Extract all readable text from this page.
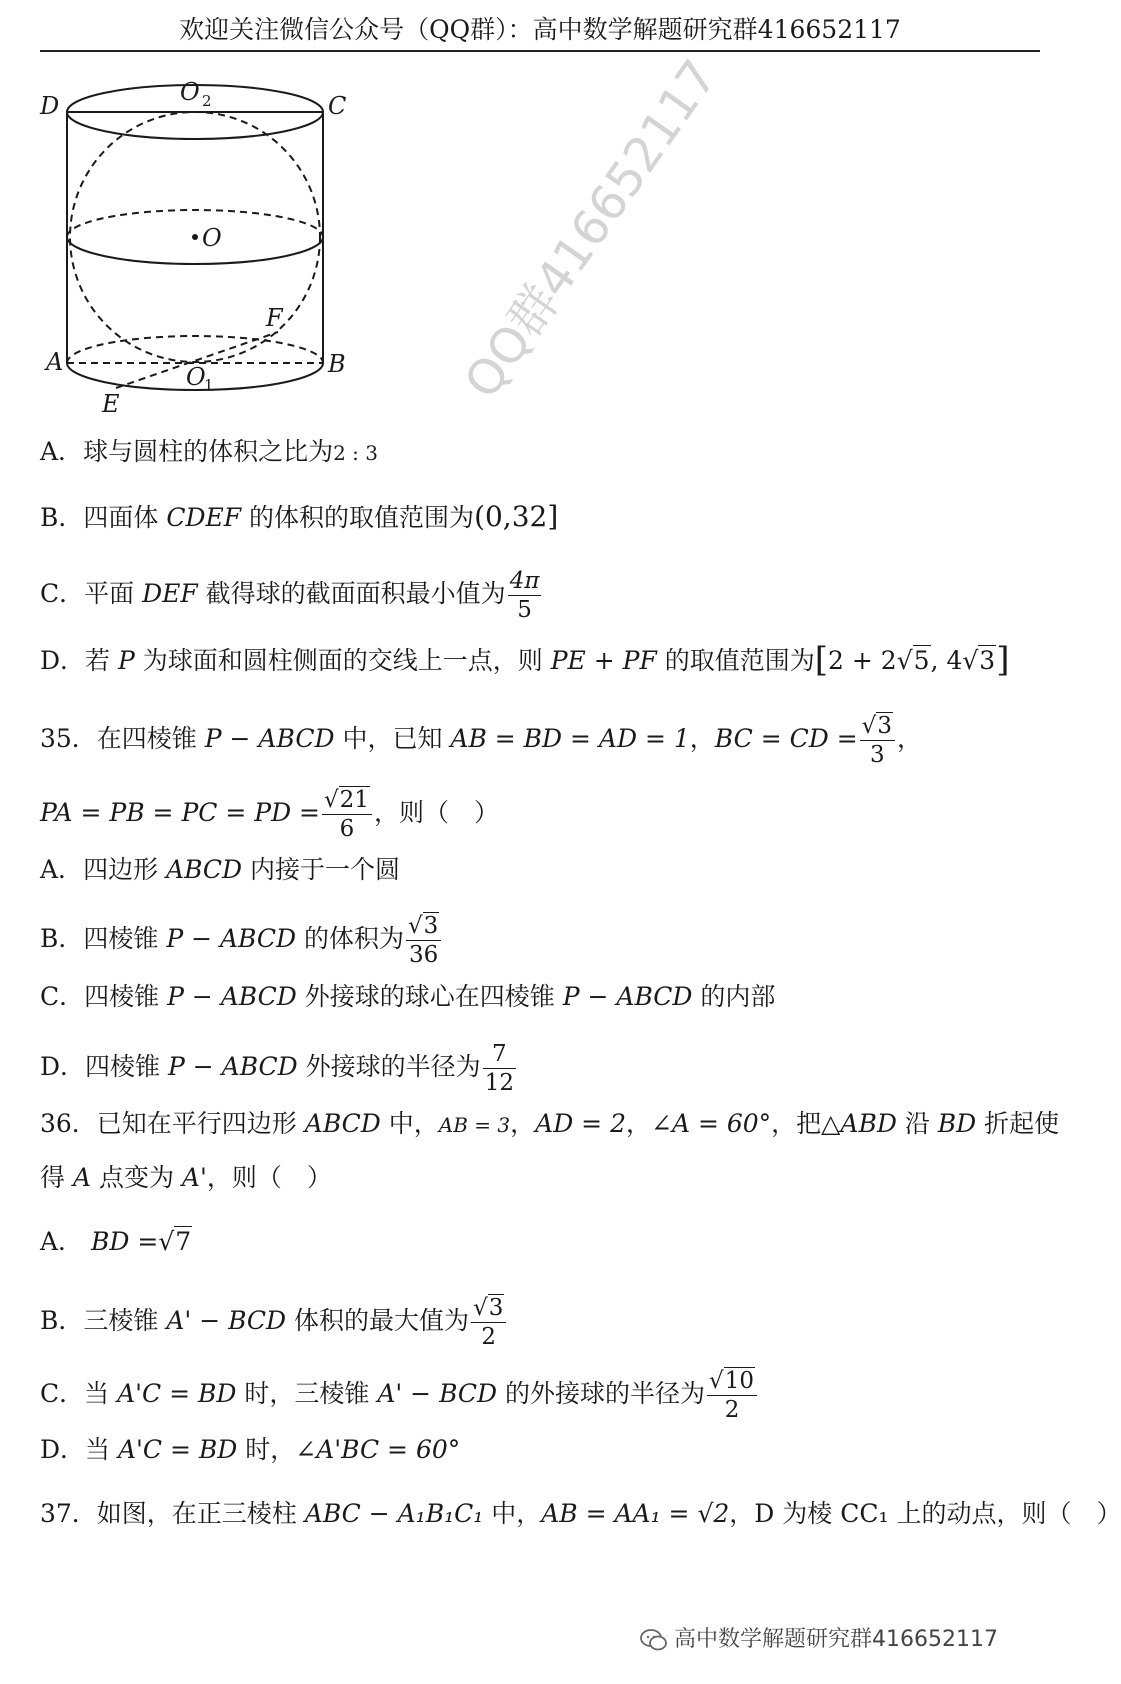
欢迎关注微信公众号（QQ群）：高中数学解题研究群416652117
D	C
O 2
O
F
A	B
O
1
E	QQ群416652117
A．球与圆柱的体积之比为2 : 3
B．四面体 CDEF 的体积的取值范围为(0,32]
C．平面 DEF 截得球的截面面积最小值为 $\frac{4\pi}{5}$
D．若 P 为球面和圆柱侧面的交线上一点，则 PE + PF 的取值范围为[2 + 2√5, 4√3]
35．在四棱锥 P − ABCD 中，已知 AB = BD = AD = 1，BC = CD = $\frac{√3}{3}$ ，
PA = PB = PC = PD = $\frac{√21}{6}$ ，则（　）
A．四边形 ABCD 内接于一个圆
B．四棱锥 P − ABCD 的体积为 $\frac{√3}{36}$
C．四棱锥 P − ABCD 外接球的球心在四棱锥 P − ABCD 的内部
D．四棱锥 P − ABCD 外接球的半径为 $\frac{7}{12}$
36．已知在平行四边形 ABCD 中，AB = 3，AD = 2，∠A = 60°，把△ABD 沿 BD 折起使
得 A 点变为 A'，则（　）
A． BD =√7
B．三棱锥 A' − BCD 体积的最大值为 $\frac{√3}{2}$
C．当 A'C = BD 时，三棱锥 A' − BCD 的外接球的半径为 $\frac{√10}{2}$
D．当 A'C = BD 时，∠A'BC = 60°
37．如图，在正三棱柱 ABC − A₁B₁C₁ 中，AB = AA₁ = √2，D 为棱 CC₁ 上的动点，则（　）
高中数学解题研究群416652117
